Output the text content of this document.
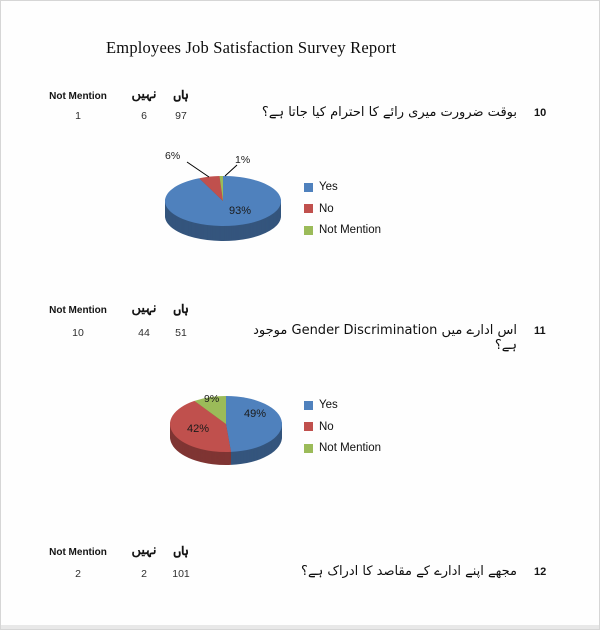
Employees Job Satisfaction Survey Report
Not Mention	نہیں	ہاں
1	6	97	بوقت ضرورت میری رائے کا احترام کیا جاتا ہے؟ 10
6%	1%
93%
Yes
No
Not Mention
Not Mention	نہیں	ہاں
10	44	51	اس ادارے میں Gender Discrimination موجود ہے؟
11
49%
42%
9%	Yes
No
Not Mention
Not Mention	نہیں	ہاں
2	2	101	مجھے اپنے ادارے کے مقاصد کا ادراک ہے؟ 12
